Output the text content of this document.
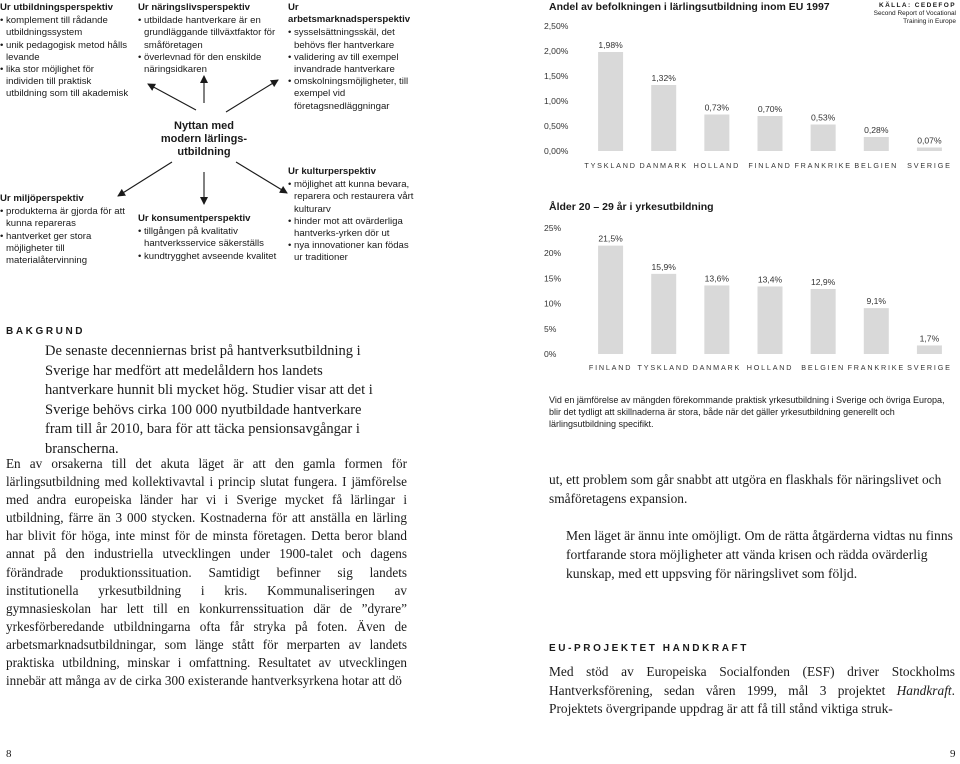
Nyttan med modern lärlings-utbildning
Ur utbildningsperspektiv
• komplement till rådande utbildningssystem
• unik pedagogisk metod hålls levande
• lika stor möjlighet för individen till praktisk utbildning som till akademisk
Ur näringslivsperspektiv
• utbildade hantverkare är en grundläggande tillväxtfaktor för småföretagen
• överlevnad för den enskilde näringsidkaren
Ur arbetsmarknadsperspektiv
• sysselsättningsskäl, det behövs fler hantverkare
• validering av till exempel invandrade hantverkare
• omskolningsmöjligheter, till exempel vid företagsnedläggningar
Ur miljöperspektiv
• produkterna är gjorda för att kunna repareras
• hantverket ger stora möjligheter till materialåtervinning
Ur konsumentperspektiv
• tillgången på kvalitativ hantverksservice säkerställs
• kundtrygghet avseende kvalitet
Ur kulturperspektiv
• möjlighet att kunna bevara, reparera och restaurera vårt kulturarv
• hinder mot att ovärderliga hantverks-yrken dör ut
• nya innovationer kan födas ur traditioner
BAKGRUND
De senaste decenniernas brist på hantverksutbildning i Sverige har medfört att medelåldern hos landets hantverkare hunnit bli mycket hög. Studier visar att det i Sverige behövs cirka 100 000 nyutbildade hantverkare fram till år 2010, bara för att täcka pensionsavgångar i branscherna.
En av orsakerna till det akuta läget är att den gamla formen för lärlingsutbildning med kollektivavtal i princip slutat fungera. I jämförelse med andra europeiska länder har vi i Sverige mycket få lärlingar i utbildning, färre än 3 000 stycken. Kostnaderna för att anställa en lärling har blivit för höga, inte minst för de minsta företagen. Detta beror bland annat på den industriella utvecklingen under 1900-talet och dagens förändrade produktionssituation. Samtidigt befinner sig landets institutionella yrkesutbildning i kris. Kommunaliseringen av gymnasieskolan har lett till en konkurrenssituation där de ”dyrare” yrkesförberedande utbildningarna ofta får stryka på foten. Även de arbetsmarknadsutbildningar, som länge stått för merparten av landets praktiska utbildning, minskar i omfattning. Resultatet av utvecklingen innebär att många av de cirka 300 existerande hantverksyrkena hotar att dö
Andel av befolkningen i lärlingsutbildning inom EU 1997	KÄLLA: CEDEFOP
Second Report of Vocational
Training in Europe
0,00%
0,50%
1,00%
1,50%
2,00%
2,50%
1,98%
TYSKLAND
1,32%
DANMARK
0,73%
HOLLAND
0,70%
FINLAND
0,53%
FRANKRIKE
0,28%
BELGIEN
0,07%
SVERIGE
Ålder 20 – 29 år i yrkesutbildning
0%
5%
10%
15%
20%
25%
21,5%
FINLAND
15,9%
TYSKLAND
13,6%
DANMARK
13,4%
HOLLAND
12,9%
BELGIEN
9,1%
FRANKRIKE
1,7%
SVERIGE
Vid en jämförelse av mängden förekommande praktisk yrkesutbildning i Sverige och övriga Europa, blir det tydligt att skillnaderna är stora, både när det gäller yrkesutbildning generellt och lärlingsutbildning specifikt.
ut, ett problem som går snabbt att utgöra en flaskhals för näringslivet och småföretagens expansion.
Men läget är ännu inte omöjligt. Om de rätta åtgärderna vidtas nu finns fortfarande stora möjligheter att vända krisen och rädda ovärderlig kunskap, med ett uppsving för näringslivet som följd.
EU-PROJEKTET HANDKRAFT
Med stöd av Europeiska Socialfonden (ESF) driver Stockholms Hantverksförening, sedan våren 1999, mål 3 projektet Handkraft. Projektets övergripande uppdrag är att få till stånd viktiga struk-
8	9
